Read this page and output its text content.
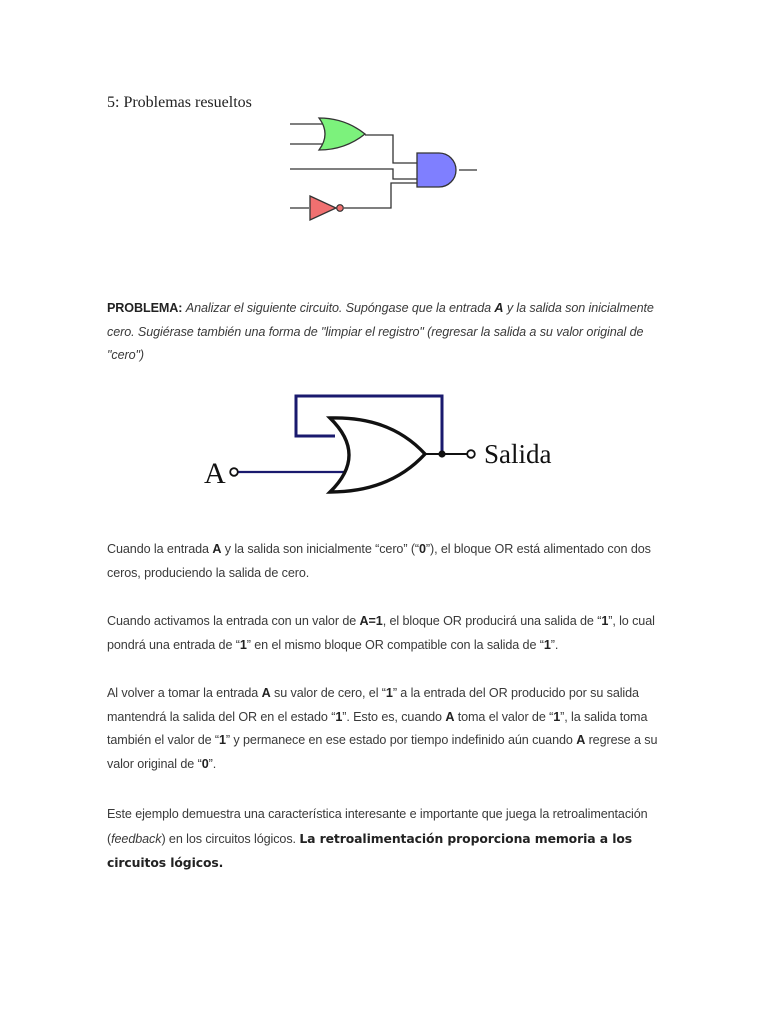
5: Problemas resueltos

PROBLEMA: Analizar el siguiente circuito. Supóngase que la entrada A y la salida son inicialmente cero. Sugiérase también una forma de "limpiar el registro" (regresar la salida a su valor original de "cero")

A
Salida

Cuando la entrada A y la salida son inicialmente “cero” (“0”), el bloque OR está alimentado con dos ceros, produciendo la salida de cero.

Cuando activamos la entrada con un valor de A=1, el bloque OR producirá una salida de “1”, lo cual pondrá una entrada de “1” en el mismo bloque OR compatible con la salida de “1”.

Al volver a tomar la entrada A su valor de cero, el “1” a la entrada del OR producido por su salida mantendrá la salida del OR en el estado “1”. Esto es, cuando A toma el valor de “1”, la salida toma también el valor de “1” y permanece en ese estado por tiempo indefinido aún cuando A regrese a su valor original de “0”.

Este ejemplo demuestra una característica interesante e importante que juega la retroalimentación (feedback) en los circuitos lógicos. La retroalimentación proporciona memoria a los circuitos lógicos.
